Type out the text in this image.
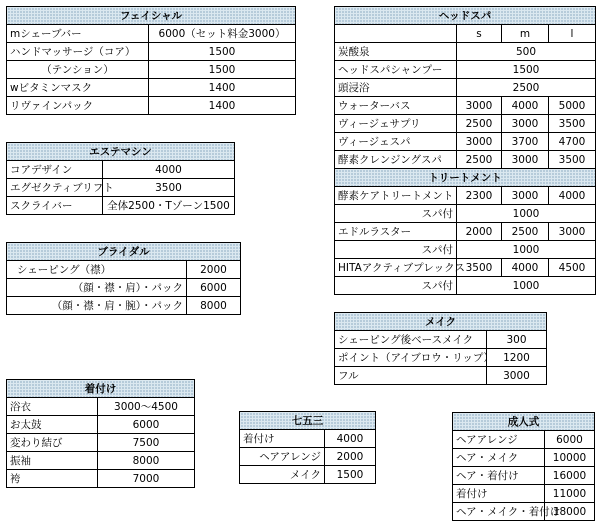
フェイシャル	
mシェーブバー	6000（セット料金3000）
ハンドマッサージ（コア）	1500
（テンション）	1500
wビタミンマスク	1400
リヴァインパック	1400
エステマシン	
コアデザイン	4000
エグゼクティブリフト	3500
スクライバー	全体2500・Tゾーン1500
ブライダル	
シェーピング（襟）	2000
（顔・襟・肩）・パック	6000
（顔・襟・肩・腕）・パック	8000
着付け	
浴衣	3000～4500
お太鼓	6000
変わり結び	7500
振袖	8000
袴	7000
七五三	
着付け	4000
ヘアアレンジ	2000
メイク	1500
ヘッドスパ			
	s	m	l
炭酸泉	500		
ヘッドスパシャンプー	1500		
頭浸浴	2500		
ウォーターバス	3000	4000	5000
ヴィージェサプリ	2500	3000	3500
ヴィージェスパ	3000	3700	4700
酵素クレンジングスパ	2500	3000	3500
トリートメント			
酵素ケアトリートメント	2300	3000	4000
スパ付	1000		
エドルラスター	2000	2500	3000
スパ付	1000		
HITAアクティブプレックス	3500	4000	4500
スパ付	1000		
メイク	
シェーピング後ベースメイク	300
ポイント（アイブロウ・リップ）	1200
フル	3000
成人式	
ヘアアレンジ	6000
ヘア・メイク	10000
ヘア・着付け	16000
着付け	11000
ヘア・メイク・着付け	18000
